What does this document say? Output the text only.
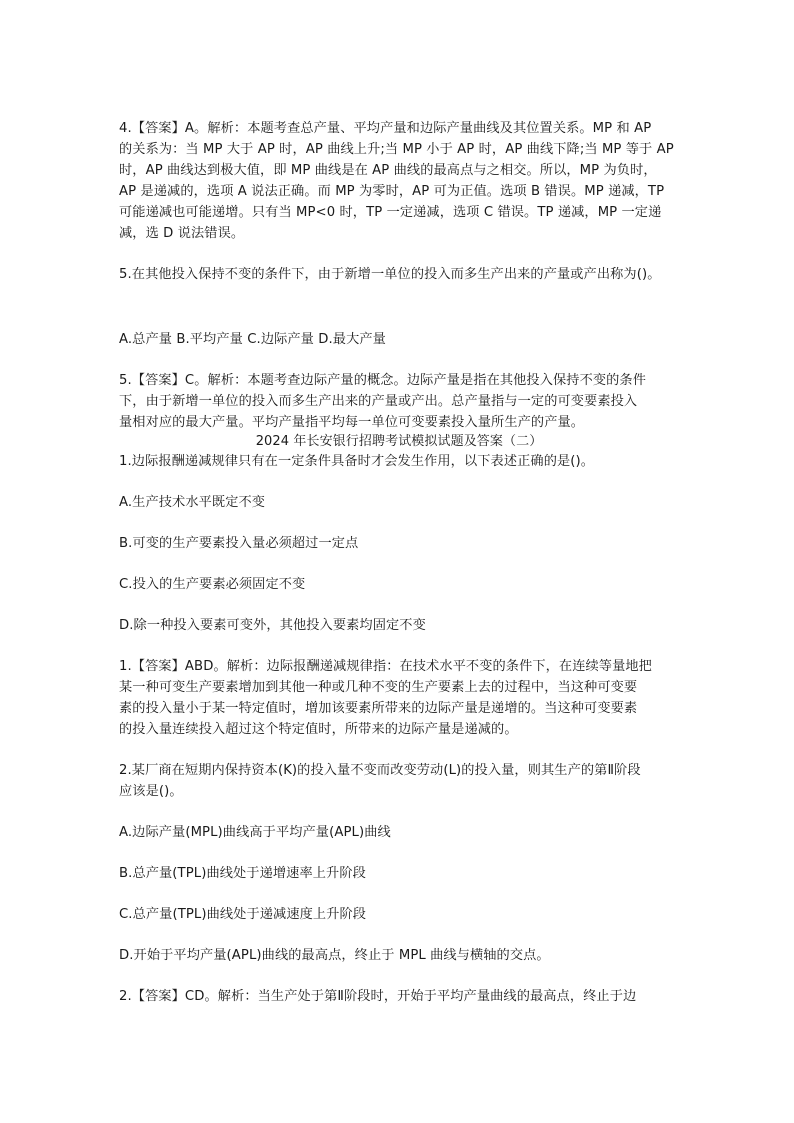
4.【答案】A。解析：本题考查总产量、平均产量和边际产量曲线及其位置关系。MP 和 AP
的关系为：当 MP 大于 AP 时，AP 曲线上升;当 MP 小于 AP 时，AP 曲线下降;当 MP 等于 AP
时，AP 曲线达到极大值，即 MP 曲线是在 AP 曲线的最高点与之相交。所以，MP 为负时，
AP 是递减的，选项 A 说法正确。而 MP 为零时，AP 可为正值。选项 B 错误。MP 递减，TP
可能递减也可能递增。只有当 MP<0 时，TP 一定递减，选项 C 错误。TP 递减，MP 一定递
减，选 D 说法错误。

5.在其他投入保持不变的条件下，由于新增一单位的投入而多生产出来的产量或产出称为()。

A.总产量 B.平均产量 C.边际产量 D.最大产量

5.【答案】C。解析：本题考查边际产量的概念。边际产量是指在其他投入保持不变的条件
下，由于新增一单位的投入而多生产出来的产量或产出。总产量指与一定的可变要素投入
量相对应的最大产量。平均产量指平均每一单位可变要素投入量所生产的产量。

2024 年长安银行招聘考试模拟试题及答案（二）

1.边际报酬递减规律只有在一定条件具备时才会发生作用，以下表述正确的是()。

A.生产技术水平既定不变

B.可变的生产要素投入量必须超过一定点

C.投入的生产要素必须固定不变

D.除一种投入要素可变外，其他投入要素均固定不变

1.【答案】ABD。解析：边际报酬递减规律指：在技术水平不变的条件下，在连续等量地把
某一种可变生产要素增加到其他一种或几种不变的生产要素上去的过程中，当这种可变要
素的投入量小于某一特定值时，增加该要素所带来的边际产量是递增的。当这种可变要素
的投入量连续投入超过这个特定值时，所带来的边际产量是递减的。

2.某厂商在短期内保持资本(K)的投入量不变而改变劳动(L)的投入量，则其生产的第Ⅱ阶段
应该是()。

A.边际产量(MPL)曲线高于平均产量(APL)曲线

B.总产量(TPL)曲线处于递增速率上升阶段

C.总产量(TPL)曲线处于递减速度上升阶段

D.开始于平均产量(APL)曲线的最高点，终止于 MPL 曲线与横轴的交点。

2.【答案】CD。解析：当生产处于第Ⅱ阶段时，开始于平均产量曲线的最高点，终止于边
